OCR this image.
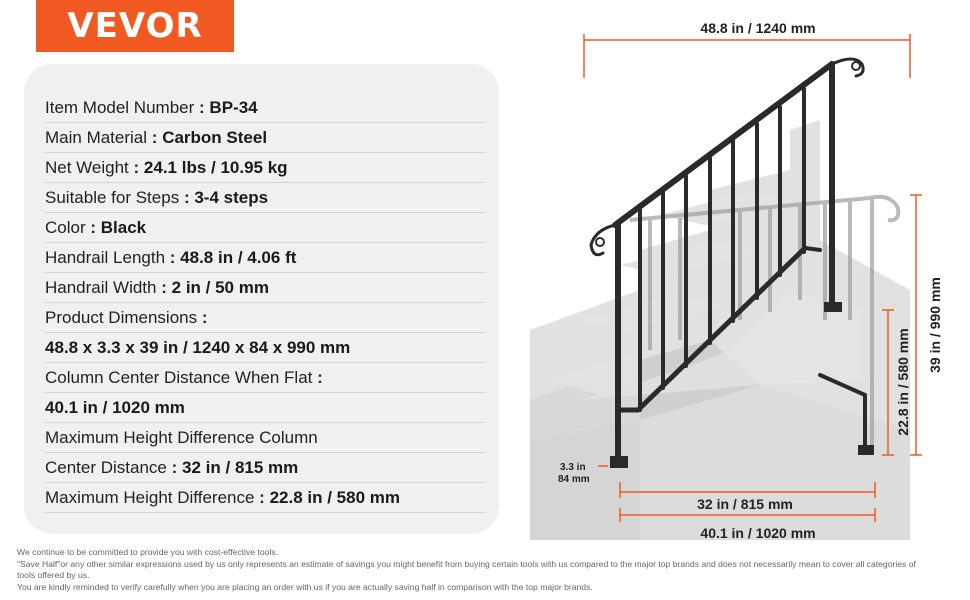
VEVOR
Item Model Number : BP-34
Main Material : Carbon Steel
Net Weight : 24.1 lbs / 10.95 kg
Suitable for Steps : 3-4 steps
Color : Black
Handrail Length : 48.8 in / 4.06 ft
Handrail Width : 2 in / 50 mm
Product Dimensions :
48.8 x 3.3 x 39 in / 1240 x 84 x 990 mm
Column Center Distance When Flat :
40.1 in / 1020 mm
Maximum Height Difference Column
Center Distance : 32 in / 815 mm
Maximum Height Difference : 22.8 in / 580 mm
48.8 in / 1240 mm
39 in / 990 mm
22.8 in / 580 mm
3.3 in
84 mm
32 in / 815 mm
40.1 in / 1020 mm
We continue to be committed to provide you with cost-effective tools.
"Save Half"or any other similar expressions used by us only represents an estimate of savings you might benefit from buying certain tools with us compared to the major top brands and does not necessarily mean to cover all categories of tools offered by us.
You are kindly reminded to verify carefully when you are placing an order with us if you are actually saving half in comparison with the top major brands.
